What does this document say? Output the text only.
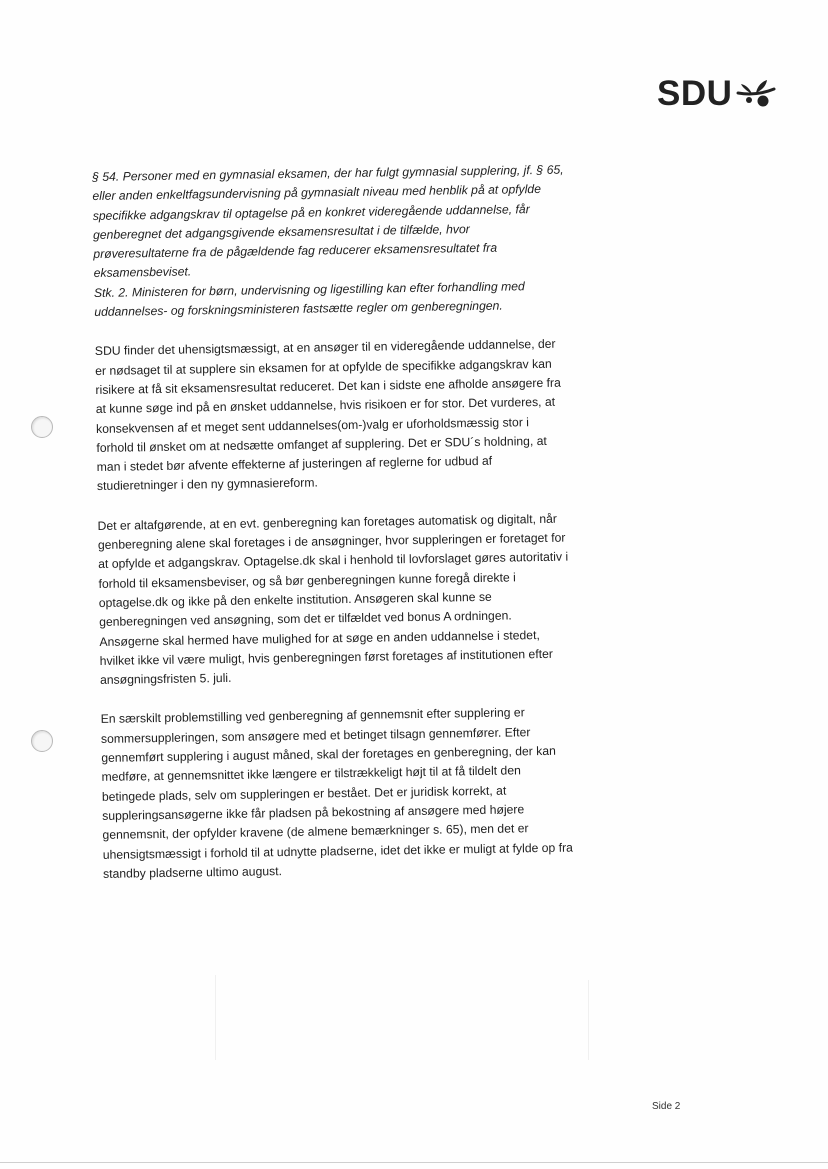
SDU

§ 54. Personer med en gymnasial eksamen, der har fulgt gymnasial supplering, jf. § 65,

eller anden enkeltfagsundervisning på gymnasialt niveau med henblik på at opfylde

specifikke adgangskrav til optagelse på en konkret videregående uddannelse, får

genberegnet det adgangsgivende eksamensresultat i de tilfælde, hvor

prøveresultaterne fra de pågældende fag reducerer eksamensresultatet fra

eksamensbeviset.

Stk. 2. Ministeren for børn, undervisning og ligestilling kan efter forhandling med

uddannelses- og forskningsministeren fastsætte regler om genberegningen.

SDU finder det uhensigtsmæssigt, at en ansøger til en videregående uddannelse, der

er nødsaget til at supplere sin eksamen for at opfylde de specifikke adgangskrav kan

risikere at få sit eksamensresultat reduceret. Det kan i sidste ene afholde ansøgere fra

at kunne søge ind på en ønsket uddannelse, hvis risikoen er for stor. Det vurderes, at

konsekvensen af et meget sent uddannelses(om-)valg er uforholdsmæssig stor i

forhold til ønsket om at nedsætte omfanget af supplering. Det er SDU´s holdning, at

man i stedet bør afvente effekterne af justeringen af reglerne for udbud af

studieretninger i den ny gymnasiereform.

Det er altafgørende, at en evt. genberegning kan foretages automatisk og digitalt, når

genberegning alene skal foretages i de ansøgninger, hvor suppleringen er foretaget for

at opfylde et adgangskrav. Optagelse.dk skal i henhold til lovforslaget gøres autoritativ i

forhold til eksamensbeviser, og så bør genberegningen kunne foregå direkte i

optagelse.dk og ikke på den enkelte institution. Ansøgeren skal kunne se

genberegningen ved ansøgning, som det er tilfældet ved bonus A ordningen.

Ansøgerne skal hermed have mulighed for at søge en anden uddannelse i stedet,

hvilket ikke vil være muligt, hvis genberegningen først foretages af institutionen efter

ansøgningsfristen 5. juli.

En særskilt problemstilling ved genberegning af gennemsnit efter supplering er

sommersuppleringen, som ansøgere med et betinget tilsagn gennemfører. Efter

gennemført supplering i august måned, skal der foretages en genberegning, der kan

medføre, at gennemsnittet ikke længere er tilstrækkeligt højt til at få tildelt den

betingede plads, selv om suppleringen er bestået. Det er juridisk korrekt, at

suppleringsansøgerne ikke får pladsen på bekostning af ansøgere med højere

gennemsnit, der opfylder kravene (de almene bemærkninger s. 65), men det er

uhensigtsmæssigt i forhold til at udnytte pladserne, idet det ikke er muligt at fylde op fra

standby pladserne ultimo august.

Side 2
